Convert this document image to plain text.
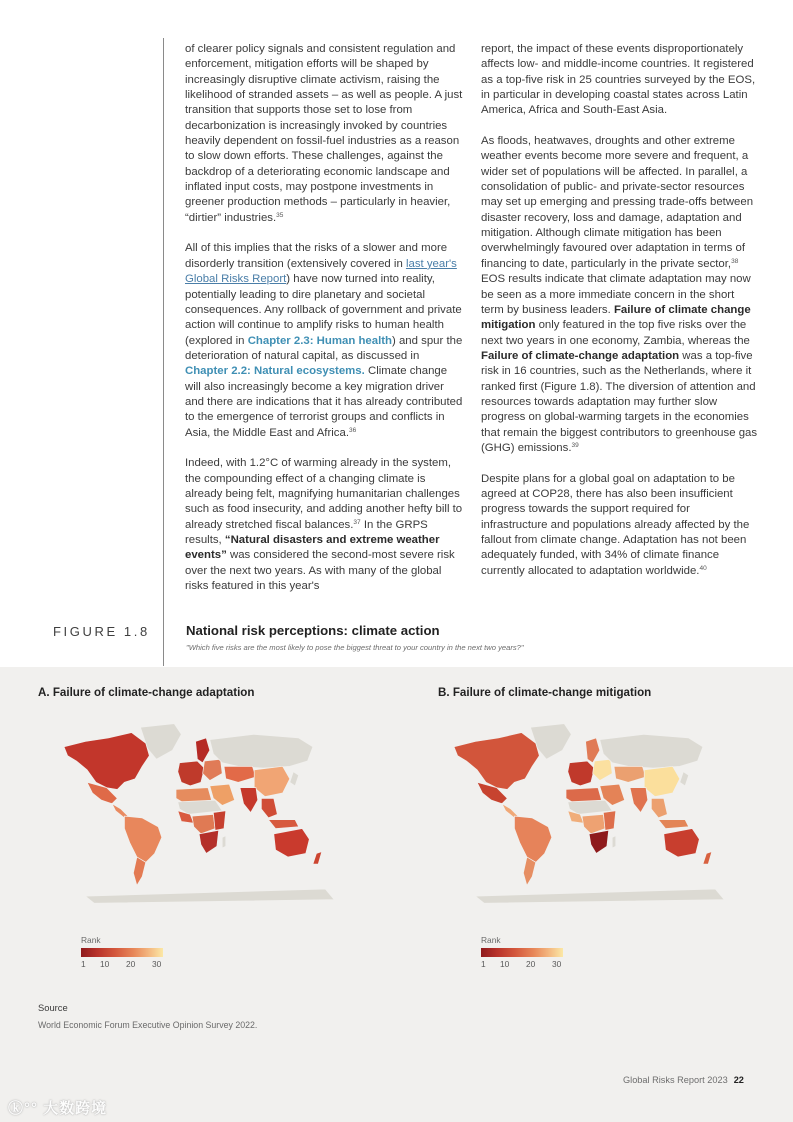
of clearer policy signals and consistent regulation and enforcement, mitigation efforts will be shaped by increasingly disruptive climate activism, raising the likelihood of stranded assets – as well as people. A just transition that supports those set to lose from decarbonization is increasingly invoked by countries heavily dependent on fossil-fuel industries as a reason to slow down efforts. These challenges, against the backdrop of a deteriorating economic landscape and inflated input costs, may postpone investments in greener production methods – particularly in heavier, “dirtier” industries.$^{35}$

All of this implies that the risks of a slower and more disorderly transition (extensively covered in last year's Global Risks Report) have now turned into reality, potentially leading to dire planetary and societal consequences. Any rollback of government and private action will continue to amplify risks to human health (explored in Chapter 2.3: Human health) and spur the deterioration of natural capital, as discussed in Chapter 2.2: Natural ecosystems. Climate change will also increasingly become a key migration driver and there are indications that it has already contributed to the emergence of terrorist groups and conflicts in Asia, the Middle East and Africa.$^{36}$

Indeed, with 1.2°C of warming already in the system, the compounding effect of a changing climate is already being felt, magnifying humanitarian challenges such as food insecurity, and adding another hefty bill to already stretched fiscal balances.$^{37}$ In the GRPS results, “Natural disasters and extreme weather events” was considered the second-most severe risk over the next two years. As with many of the global risks featured in this year's

report, the impact of these events disproportionately affects low- and middle-income countries. It registered as a top-five risk in 25 countries surveyed by the EOS, in particular in developing coastal states across Latin America, Africa and South-East Asia.

As floods, heatwaves, droughts and other extreme weather events become more severe and frequent, a wider set of populations will be affected. In parallel, a consolidation of public- and private-sector resources may set up emerging and pressing trade-offs between disaster recovery, loss and damage, adaptation and mitigation. Although climate mitigation has been overwhelmingly favoured over adaptation in terms of financing to date, particularly in the private sector,$^{38}$ EOS results indicate that climate adaptation may now be seen as a more immediate concern in the short term by business leaders. Failure of climate change mitigation only featured in the top five risks over the next two years in one economy, Zambia, whereas the Failure of climate-change adaptation was a top-five risk in 16 countries, such as the Netherlands, where it ranked first (Figure 1.8). The diversion of attention and resources towards adaptation may further slow progress on global-warming targets in the economies that remain the biggest contributors to greenhouse gas (GHG) emissions.$^{39}$

Despite plans for a global goal on adaptation to be agreed at COP28, there has also been insufficient progress towards the support required for infrastructure and populations already affected by the fallout from climate change. Adaptation has not been adequately funded, with 34% of climate finance currently allocated to adaptation worldwide.$^{40}$

FIGURE 1.8	National risk perceptions: climate action
"Which five risks are the most likely to pose the biggest threat to your country in the next two years?"
A. Failure of climate-change adaptation
Rank
1 10 20 30
B. Failure of climate-change mitigation
Rank
1 10 20 30
Source
World Economic Forum Executive Opinion Survey 2022.
Global Risks Report 2023 22
ⓚ°° 大数跨境
